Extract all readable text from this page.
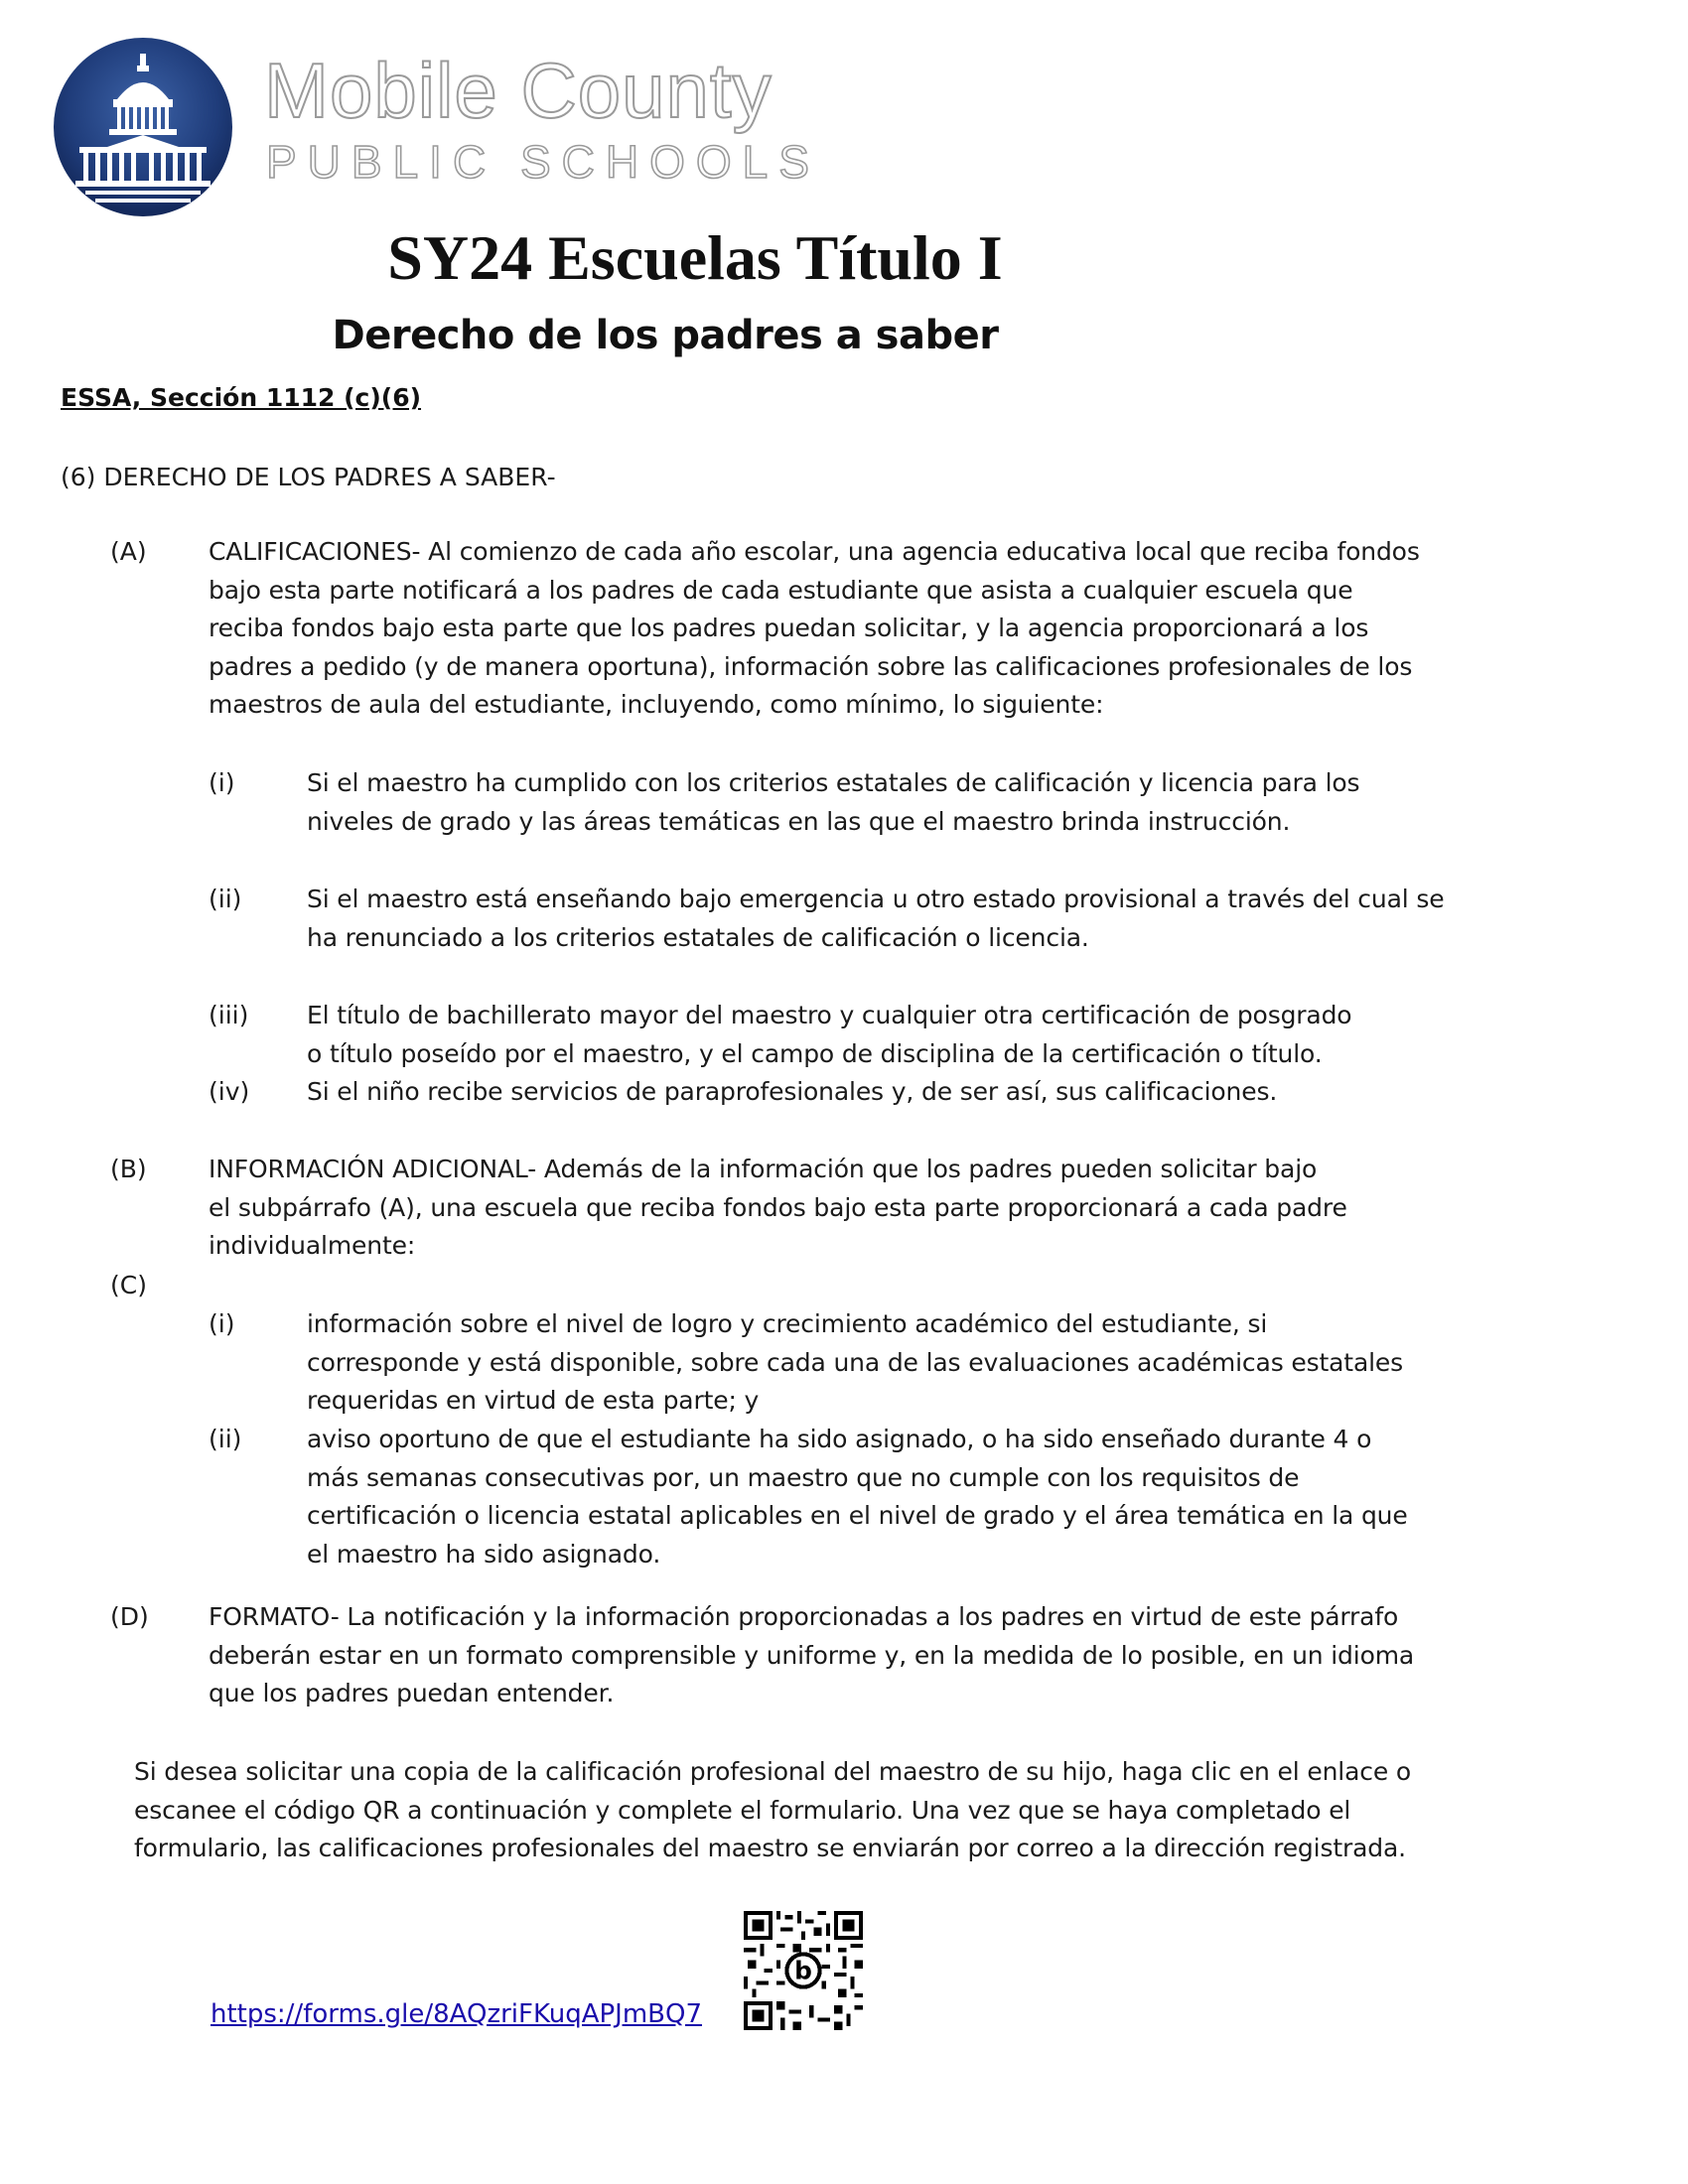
Mobile County
PUBLIC SCHOOLS
SY24 Escuelas Título I
Derecho de los padres a saber
ESSA, Sección 1112 (c)(6)
(6) DERECHO DE LOS PADRES A SABER-
(A) CALIFICACIONES- Al comienzo de cada año escolar, una agencia educativa local que reciba fondos
bajo esta parte notificará a los padres de cada estudiante que asista a cualquier escuela que
reciba fondos bajo esta parte que los padres puedan solicitar, y la agencia proporcionará a los
padres a pedido (y de manera oportuna), información sobre las calificaciones profesionales de los
maestros de aula del estudiante, incluyendo, como mínimo, lo siguiente:
(i)	Si el maestro ha cumplido con los criterios estatales de calificación y licencia para los
niveles de grado y las áreas temáticas en las que el maestro brinda instrucción.
(ii)	Si el maestro está enseñando bajo emergencia u otro estado provisional a través del cual se
ha renunciado a los criterios estatales de calificación o licencia.
(iii) El título de bachillerato mayor del maestro y cualquier otra certificación de posgrado
o título poseído por el maestro, y el campo de disciplina de la certificación o título.
(iv) Si el niño recibe servicios de paraprofesionales y, de ser así, sus calificaciones.
(B) INFORMACIÓN ADICIONAL- Además de la información que los padres pueden solicitar bajo
el subpárrafo (A), una escuela que reciba fondos bajo esta parte proporcionará a cada padre
individualmente:
(C)
(i)	información sobre el nivel de logro y crecimiento académico del estudiante, si
corresponde y está disponible, sobre cada una de las evaluaciones académicas estatales
requeridas en virtud de esta parte; y
(ii)	aviso oportuno de que el estudiante ha sido asignado, o ha sido enseñado durante 4 o
más semanas consecutivas por, un maestro que no cumple con los requisitos de
certificación o licencia estatal aplicables en el nivel de grado y el área temática en la que
el maestro ha sido asignado.
(D) FORMATO- La notificación y la información proporcionadas a los padres en virtud de este párrafo
deberán estar en un formato comprensible y uniforme y, en la medida de lo posible, en un idioma
que los padres puedan entender.
Si desea solicitar una copia de la calificación profesional del maestro de su hijo, haga clic en el enlace o
escanee el código QR a continuación y complete el formulario. Una vez que se haya completado el
formulario, las calificaciones profesionales del maestro se enviarán por correo a la dirección registrada.
b
https://forms.gle/8AQzriFKuqAPJmBQ7
